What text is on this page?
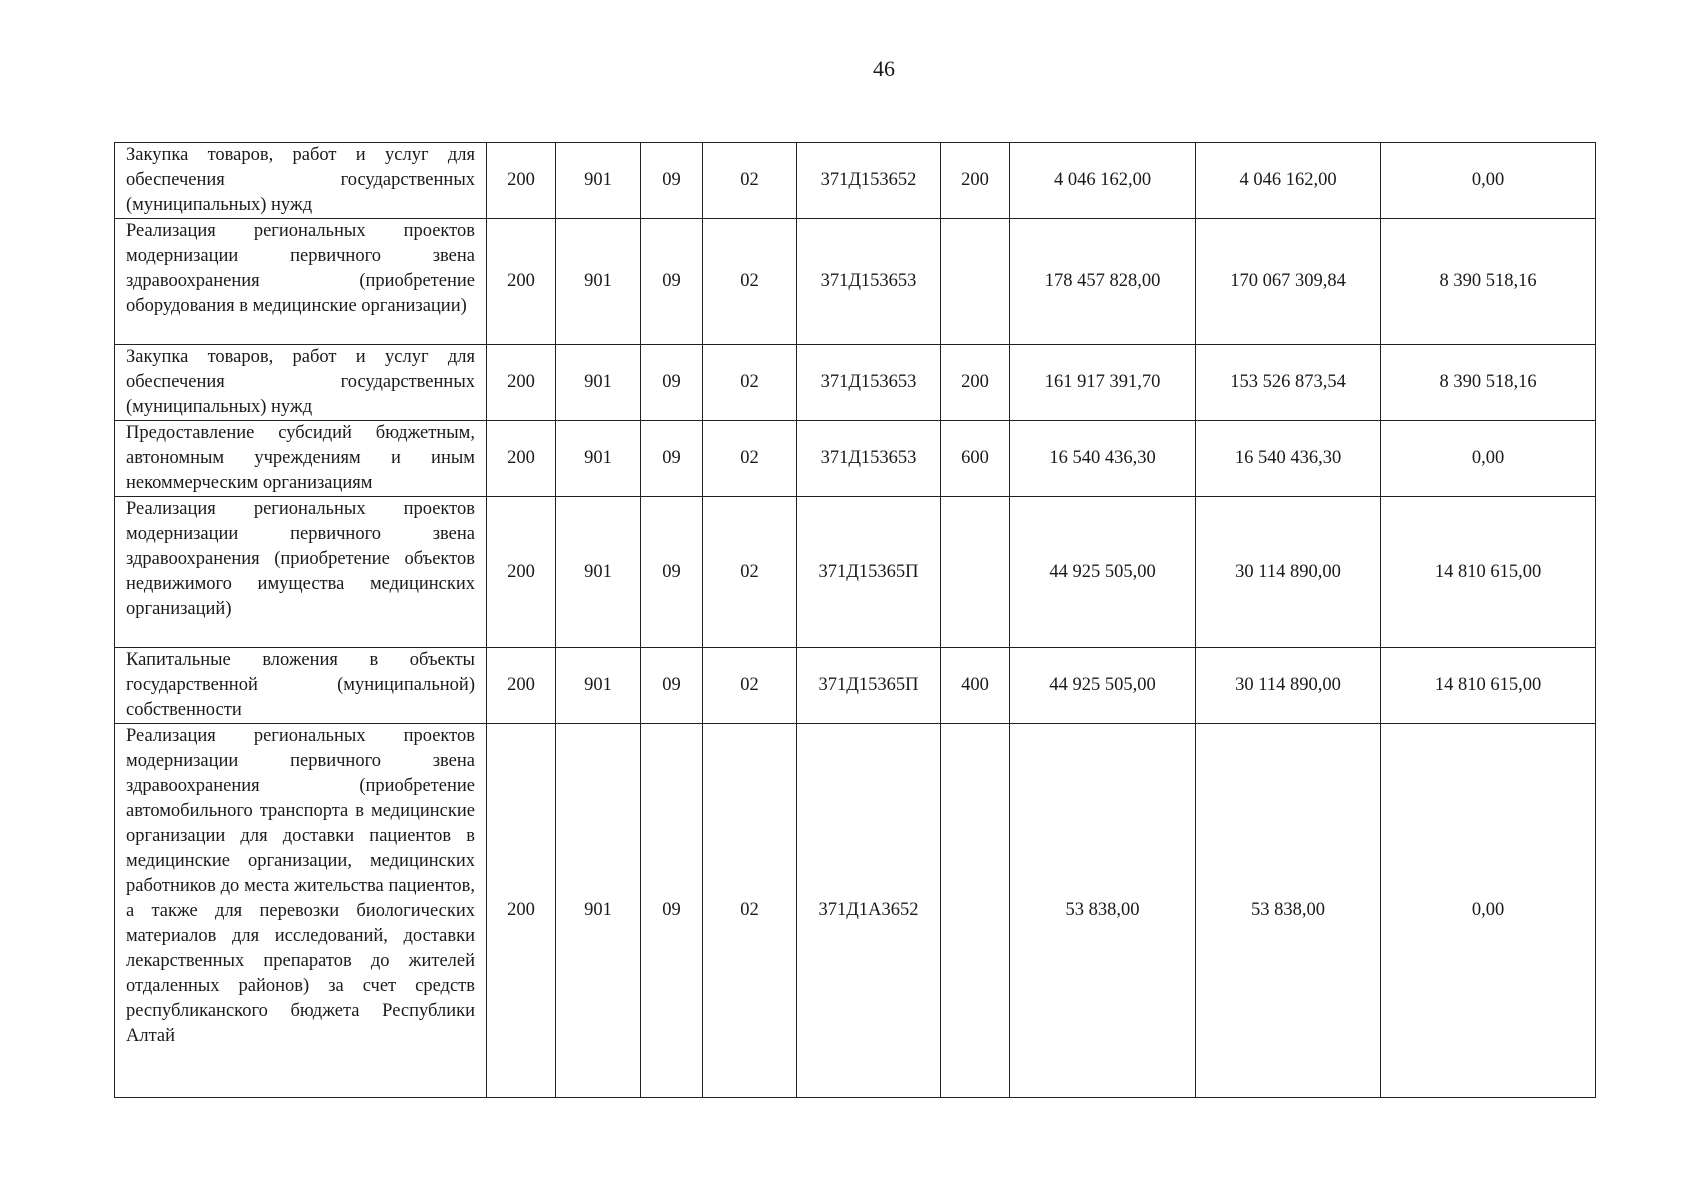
46
Закупка товаров, работ и услуг для обеспечения государственных (муниципальных) нужд	200	901	09	02	371Д153652	200	4 046 162,00	4 046 162,00	0,00
Реализация региональных проектов модернизации первичного звена здравоохранения (приобретение оборудования в медицинские организации)	200	901	09	02	371Д153653		178 457 828,00	170 067 309,84	8 390 518,16
Закупка товаров, работ и услуг для обеспечения государственных (муниципальных) нужд	200	901	09	02	371Д153653	200	161 917 391,70	153 526 873,54	8 390 518,16
Предоставление субсидий бюджетным, автономным учреждениям и иным некоммерческим организациям	200	901	09	02	371Д153653	600	16 540 436,30	16 540 436,30	0,00
Реализация региональных проектов модернизации первичного звена здравоохранения (приобретение объектов недвижимого имущества медицинских организаций)	200	901	09	02	371Д15365П		44 925 505,00	30 114 890,00	14 810 615,00
Капитальные вложения в объекты государственной (муниципальной) собственности	200	901	09	02	371Д15365П	400	44 925 505,00	30 114 890,00	14 810 615,00
Реализация региональных проектов модернизации первичного звена здравоохранения (приобретение автомобильного транспорта в медицинские организации для доставки пациентов в медицинские организации, медицинских работников до места жительства пациентов, а также для перевозки биологических материалов для исследований, доставки лекарственных препаратов до жителей отдаленных районов) за счет средств республиканского бюджета Республики Алтай	200	901	09	02	371Д1А3652		53 838,00	53 838,00	0,00
